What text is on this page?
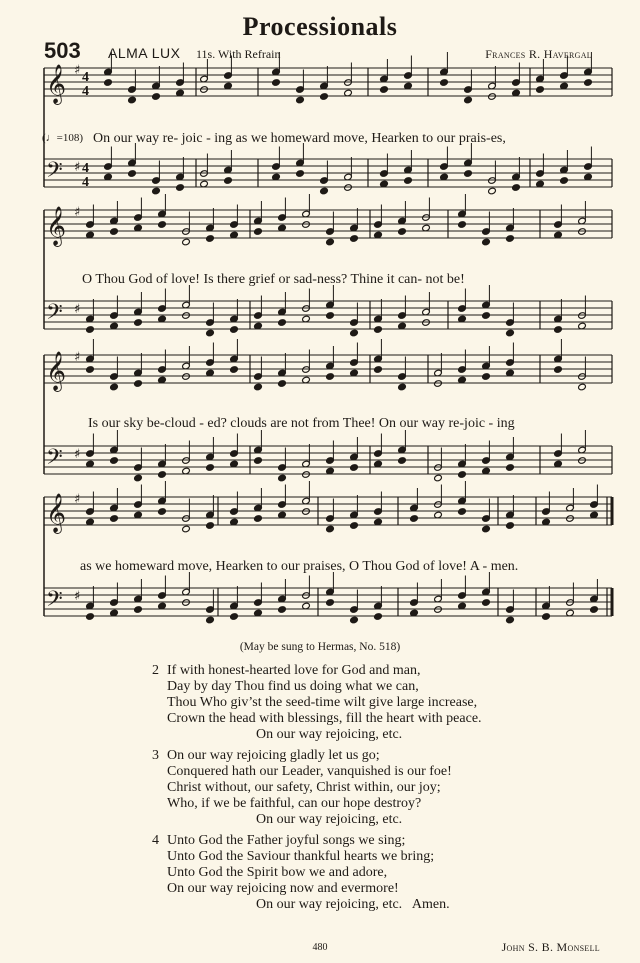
𝄞 ♯ 4
4
𝄢 ♯ 4
4
𝄞 ♯
𝄢 ♯
𝄞 ♯
𝄢 ♯
𝄞 ♯
𝄢 ♯
Processionals
503 ALMA LUX 11s. With Refrain	Frances R. Havergal
(♩=108) On our way re- joic - ing as we homeward move, Hearken to our prais-es,
O Thou God of love! Is there grief or sad-ness? Thine it can- not be!
Is our sky be-cloud - ed? clouds are not from Thee! On our way re-joic - ing
as we homeward move, Hearken to our praises, O Thou God of love! A - men.
(May be sung to Hermas, No. 518)
2 If with honest-hearted love for God and man,
Day by day Thou find us doing what we can,
Thou Who giv’st the seed-time wilt give large increase,
Crown the head with blessings, fill the heart with peace.
On our way rejoicing, etc.
3 On our way rejoicing gladly let us go;
Conquered hath our Leader, vanquished is our foe!
Christ without, our safety, Christ within, our joy;
Who, if we be faithful, can our hope destroy?
On our way rejoicing, etc.
4 Unto God the Father joyful songs we sing;
Unto God the Saviour thankful hearts we bring;
Unto God the Spirit bow we and adore,
On our way rejoicing now and evermore!
On our way rejoicing, etc.   Amen.
480	John S. B. Monsell
